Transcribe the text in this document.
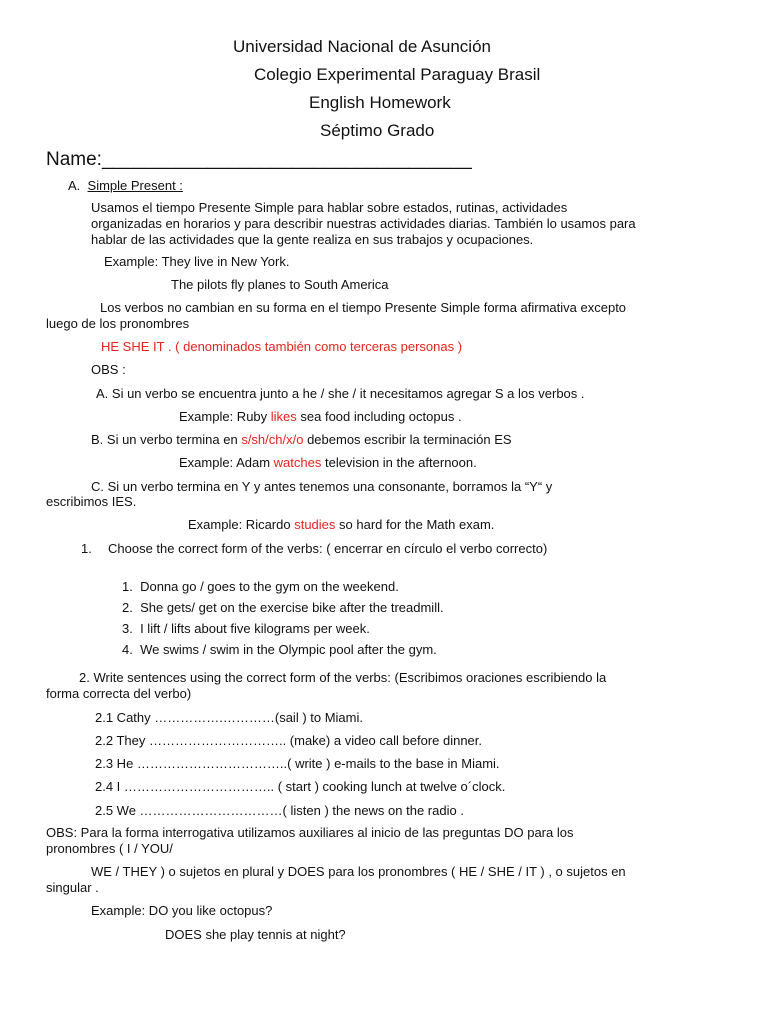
Universidad Nacional de Asunción
Colegio Experimental Paraguay Brasil
English Homework
Séptimo Grado
Name:___________________________________
A. Simple Present :
Usamos el tiempo Presente Simple para hablar sobre estados, rutinas, actividades
organizadas en horarios y para describir nuestras actividades diarias. También lo usamos para
hablar de las actividades que la gente realiza en sus trabajos y ocupaciones.
Example: They live in New York.
The pilots fly planes to South America
Los verbos no cambian en su forma en el tiempo Presente Simple forma afirmativa excepto
luego de los pronombres
HE SHE IT . ( denominados también como terceras personas )
OBS :
A. Si un verbo se encuentra junto a he / she / it necesitamos agregar S a los verbos .
Example: Ruby likes sea food including octopus .
B. Si un verbo termina en s/sh/ch/x/o debemos escribir la terminación ES
Example: Adam watches television in the afternoon.
C. Si un verbo termina en Y y antes tenemos una consonante, borramos la “Y“ y
escribimos IES.
Example: Ricardo studies so hard for the Math exam.
1. Choose the correct form of the verbs: ( encerrar en círculo el verbo correcto)
1. Donna go / goes to the gym on the weekend.
2. She gets/ get on the exercise bike after the treadmill.
3. I lift / lifts about five kilograms per week.
4. We swims / swim in the Olympic pool after the gym.
2. Write sentences using the correct form of the verbs: (Escribimos oraciones escribiendo la
forma correcta del verbo)
2.1 Cathy …………….…………(sail ) to Miami.
2.2 They ………………………….. (make) a video call before dinner.
2.3 He ……………………………..( write ) e-mails to the base in Miami.
2.4 I …………………………….. ( start ) cooking lunch at twelve o´clock.
2.5 We ……………………………( listen ) the news on the radio .
OBS: Para la forma interrogativa utilizamos auxiliares al inicio de las preguntas DO para los
pronombres ( I / YOU/
WE / THEY ) o sujetos en plural y DOES para los pronombres ( HE / SHE / IT ) , o sujetos en
singular .
Example: DO you like octopus?
DOES she play tennis at night?
